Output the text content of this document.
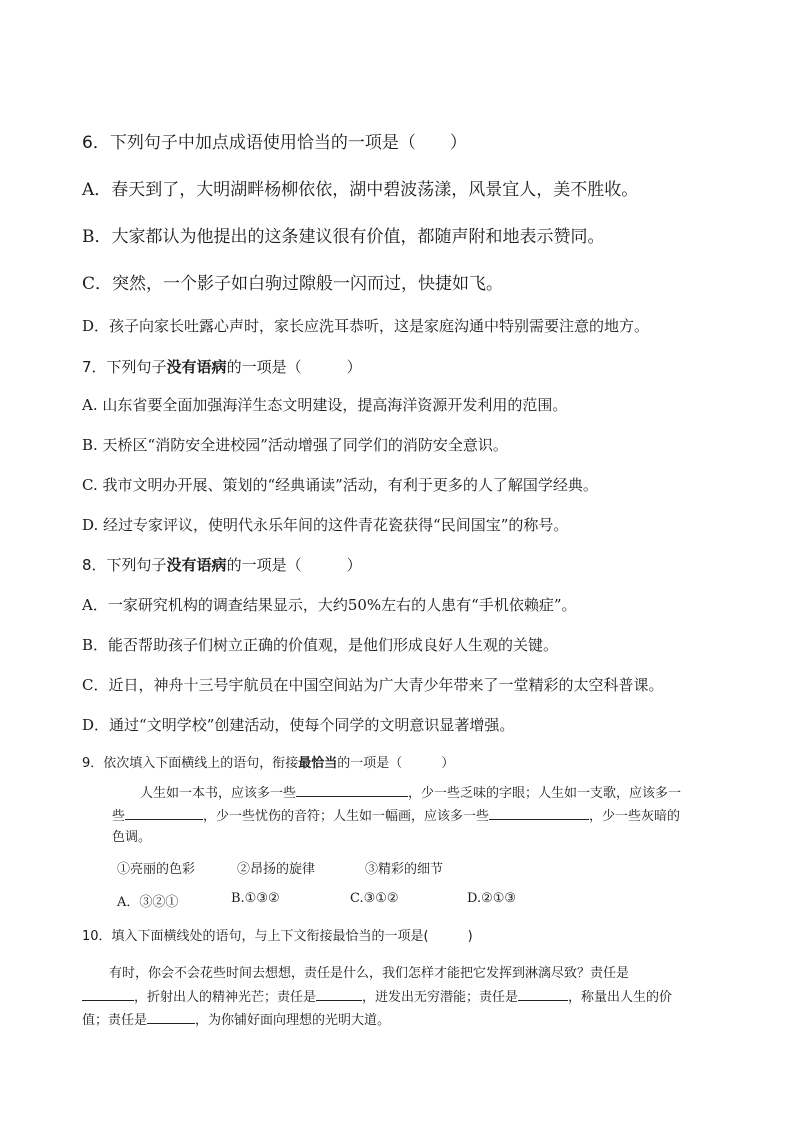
6．下列句子中加点成语使用恰当的一项是（　　）
A．春天到了，大明湖畔杨柳依依，湖中碧波荡漾，风景宜人，美不胜收。
B．大家都认为他提出的这条建议很有价值，都随声附和地表示赞同。
C．突然，一个影子如白驹过隙般一闪而过，快捷如飞。
D．孩子向家长吐露心声时，家长应洗耳恭听，这是家庭沟通中特别需要注意的地方。
7．下列句子没有语病的一项是（　　　）
A. 山东省要全面加强海洋生态文明建设，提高海洋资源开发利用的范围。
B. 天桥区“消防安全进校园”活动增强了同学们的消防安全意识。
C. 我市文明办开展、策划的“经典诵读”活动，有利于更多的人了解国学经典。
D. 经过专家评议，使明代永乐年间的这件青花瓷获得“民间国宝”的称号。
8．下列句子没有语病的一项是（　　　）
A．一家研究机构的调查结果显示，大约50%左右的人患有“手机依赖症”。
B．能否帮助孩子们树立正确的价值观，是他们形成良好人生观的关键。
C．近日，神舟十三号宇航员在中国空间站为广大青少年带来了一堂精彩的太空科普课。
D．通过“文明学校”创建活动，使每个同学的文明意识显著增强。
9．依次填入下面横线上的语句，衔接最恰当的一项是（　　　）
人生如一本书，应该多一些	，少一些乏味的字眼；人生如一支歌，应该多一
些	，少一些忧伤的音符；人生如一幅画，应该多一些	，少一些灰暗的
色调。
①亮丽的色彩	②昂扬的旋律	③精彩的细节
A．③②①	B.①③②	C.③①②	D.②①③
10．填入下面横线处的语句，与上下文衔接最恰当的一项是(　　　)
有时，你会不会花些时间去想想，责任是什么，我们怎样才能把它发挥到淋漓尽致？责任是
，折射出人的精神光芒；责任是	，迸发出无穷潜能；责任是	，称量出人生的价
值；责任是	，为你铺好面向理想的光明大道。
